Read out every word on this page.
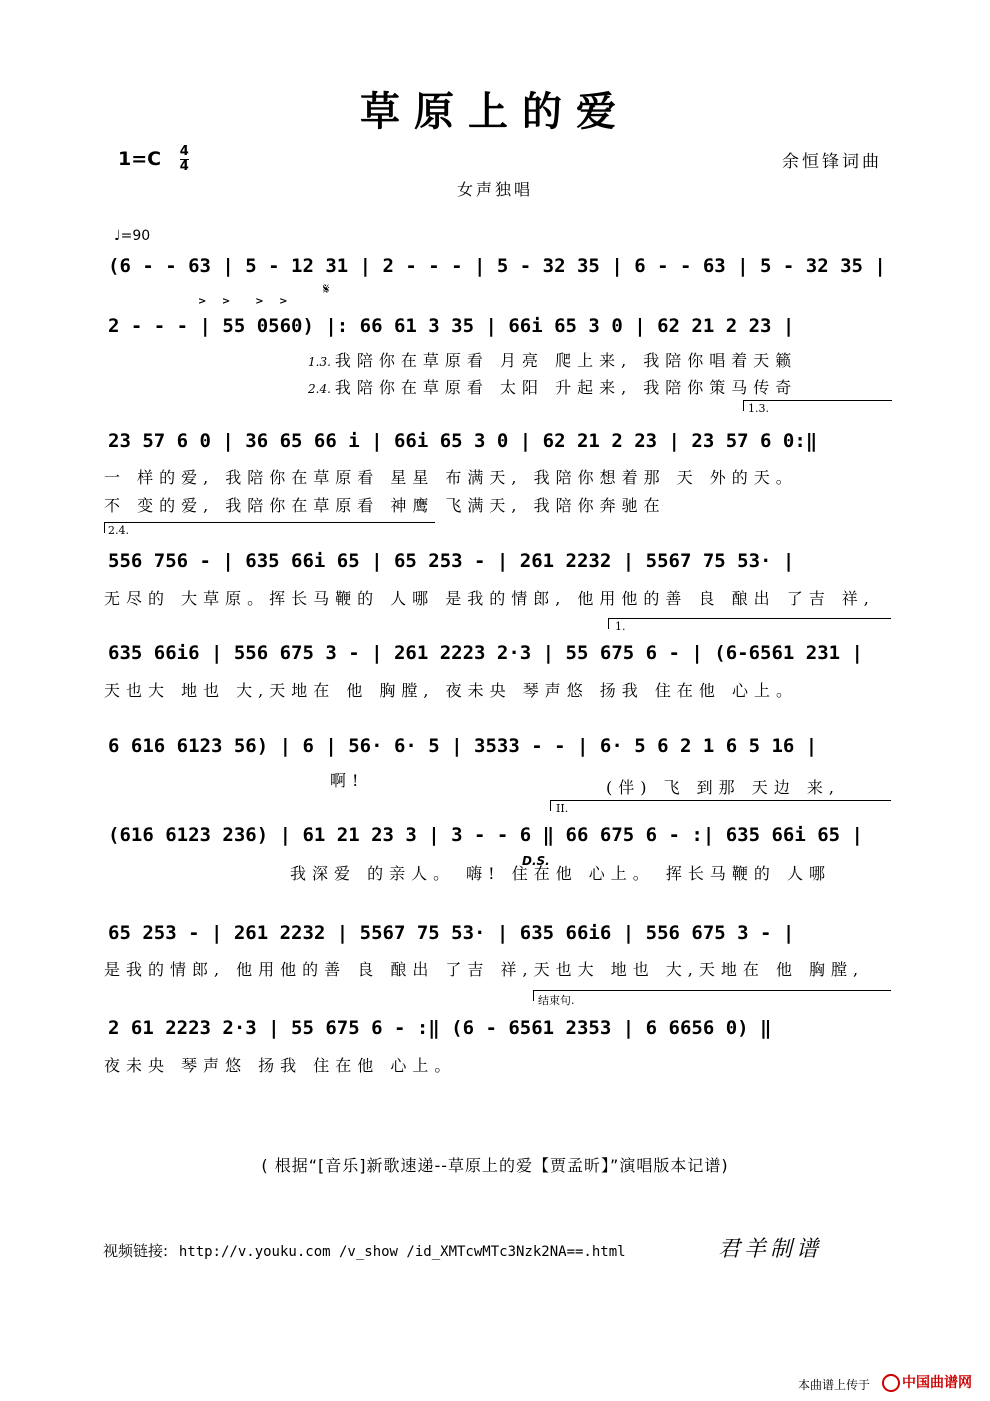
草原上的爱
$1=C \frac{4}{4}$	余恒锋词曲
女声独唱
♩=90
(6 - - 63 | 5 - 12 31 | 2 - - - | 5 - 32 35 | 6 - - 63 | 5 - 32 35 |
> > > >
𝄋
2 - - - | 55 0560) |: 66 61 3 35 | 66i 65 3 0 | 62 21 2 23 |
1.3. 我陪你在草原看 月亮 爬上来, 我陪你唱着天籁
2.4. 我陪你在草原看 太阳 升起来, 我陪你策马传奇
1.3.
23 57 6 0 | 36 65 66 i | 66i 65 3 0 | 62 21 2 23 | 23 57 6 0:‖
一 样的爱, 我陪你在草原看 星星 布满天, 我陪你想着那 天 外的天。
不 变的爱, 我陪你在草原看 神鹰 飞满天, 我陪你奔驰在
2.4.
556 756 - | 635 66i 65 | 65 253 - | 261 2232 | 5567 75 53· |
无尽的 大草原。挥长马鞭的 人哪 是我的情郎, 他用他的善 良 酿出 了吉 祥,
1.
635 66i6 | 556 675 3 - | 261 2223 2·3 | 55 675 6 - | (6-6561 231 |
天也大 地也 大,天地在 他 胸膛, 夜未央 琴声悠 扬我 住在他 心上。
6 616 6123 56) | 6 | 56· 6· 5 | 3533 - - | 6· 5 6 2 1 6 5 16 |
啊!	(伴) 飞 到那 天边 来,
II.
(616 6123 236) | 61 21 23 3 | 3 - - 6 ‖ 66 675 6 - :| 635 66i 65 |
D.S.
我深爱 的亲人。 嗨! 住在他 心上。 挥长马鞭的 人哪
65 253 - | 261 2232 | 5567 75 53· | 635 66i6 | 556 675 3 - |
是我的情郎, 他用他的善 良 酿出 了吉 祥,天也大 地也 大,天地在 他 胸膛,
结束句.
2 61 2223 2·3 | 55 675 6 - :‖ (6 - 6561 2353 | 6 6656 0) ‖
夜未央 琴声悠 扬我 住在他 心上。
( 根据“[音乐]新歌速递--草原上的爱【贾孟昕】”演唱版本记谱)
视频链接: http://v.youku.com /v_show /id_XMTcwMTc3Nzk2NA==.html	君羊制谱
本曲谱上传于	中国曲谱网
